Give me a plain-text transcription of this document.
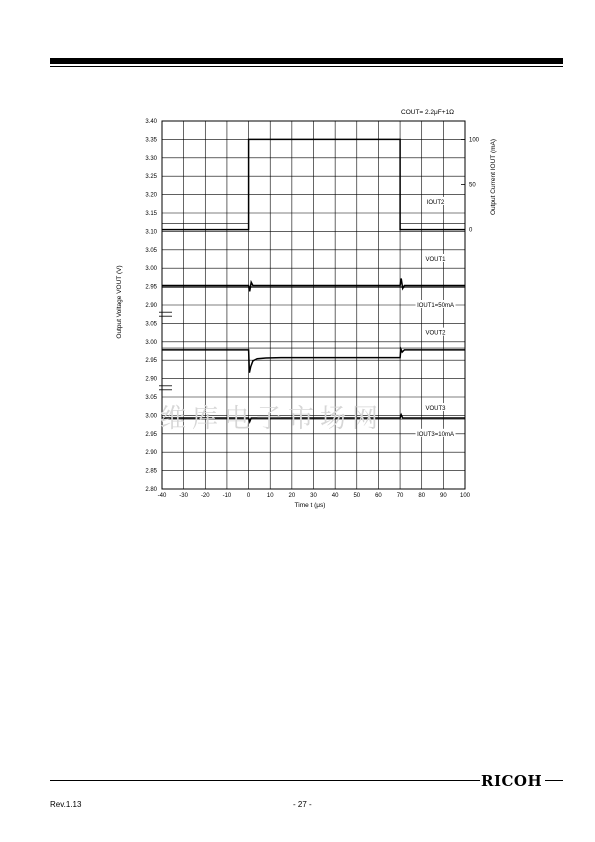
-40 -30 -20 -10	0	10 20 30 40 50 60 70 80 90 100
3.40
3.35
3.30
3.25
3.20
3.15
3.10
3.05
3.00
2.95
2.90
3.05
3.00
2.95
2.90
3.05
3.00
2.95
2.90
2.85
2.80
100
50
0
IOUT2
VOUT1
IOUT1=50mA
VOUT2
VOUT3
IOUT3=10mA
COUT= 2.2μF+1Ω
Time t (μs)
Output Voltage VOUT (V)
Output Current IOUT (mA)
维库电子市场网
RICOH
Rev.1.13	- 27 -
